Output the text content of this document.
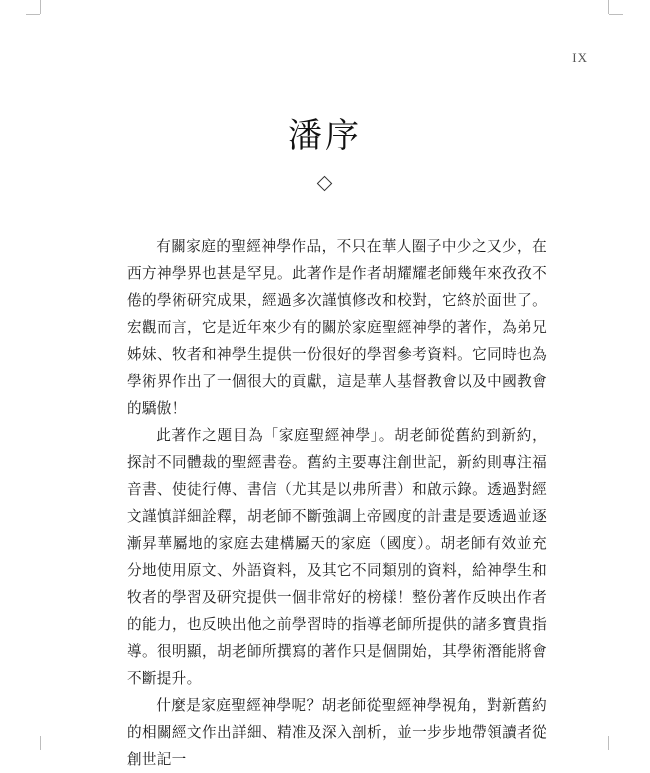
IX
潘序

有關家庭的聖經神學作品，不只在華人圈子中少之又少，在西方神學界也甚是罕見。此著作是作者胡耀耀老師幾年來孜孜不倦的學術研究成果，經過多次謹慎修改和校對，它終於面世了。宏觀而言，它是近年來少有的關於家庭聖經神學的著作，為弟兄姊妹、牧者和神學生提供一份很好的學習參考資料。它同時也為學術界作出了一個很大的貢獻，這是華人基督教會以及中國教會的驕傲！

此著作之題目為「家庭聖經神學」。胡老師從舊約到新約，探討不同體裁的聖經書卷。舊約主要專注創世記，新約則專注福音書、使徒行傳、書信（尤其是以弗所書）和啟示錄。透過對經文謹慎詳細詮釋，胡老師不斷強調上帝國度的計畫是要透過並逐漸昇華屬地的家庭去建構屬天的家庭（國度）。胡老師有效並充分地使用原文、外語資料，及其它不同類別的資料，給神學生和牧者的學習及研究提供一個非常好的榜樣！整份著作反映出作者的能力，也反映出他之前學習時的指導老師所提供的諸多寶貴指導。很明顯，胡老師所撰寫的著作只是個開始，其學術潛能將會不斷提升。

什麼是家庭聖經神學呢？胡老師從聖經神學視角，對新舊約的相關經文作出詳細、精准及深入剖析，並一步步地帶領讀者從創世記一
